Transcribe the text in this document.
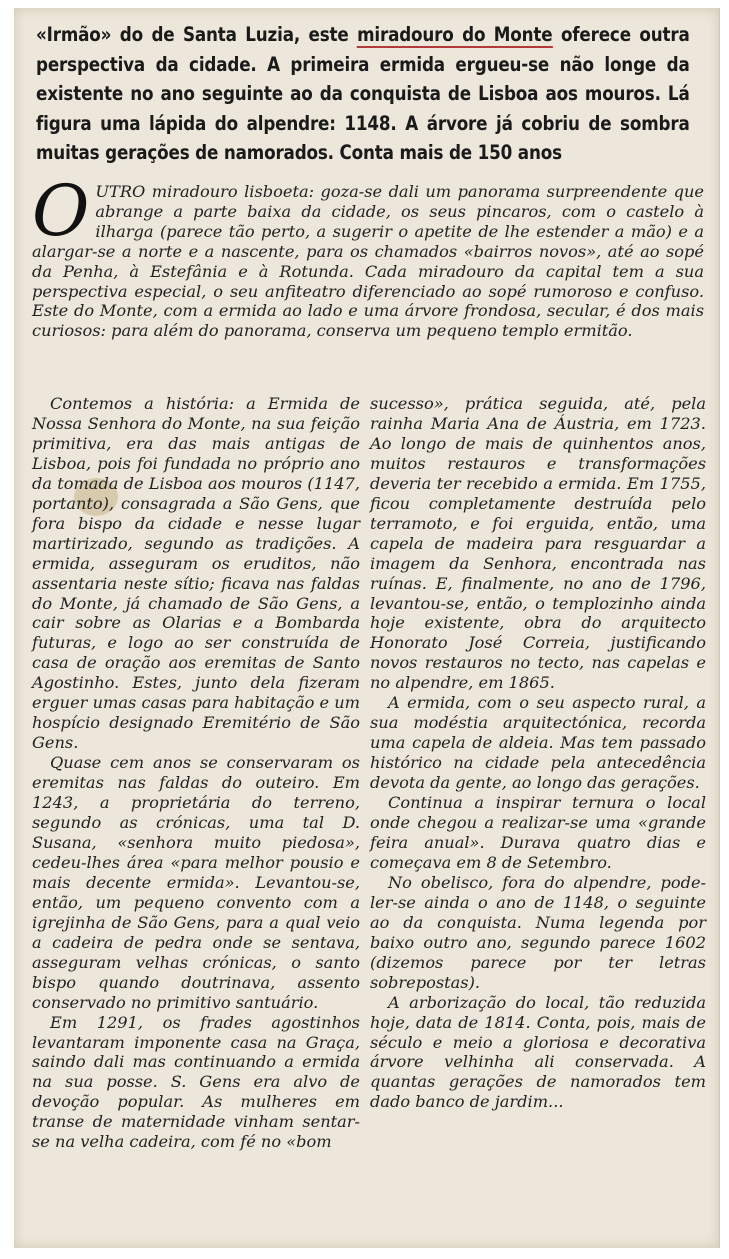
«Irmão» do de Santa Luzia, este miradouro do Monte oferece outra perspectiva da cidade. A primeira ermida ergueu-se não longe da existente no ano seguinte ao da conquista de Lisboa aos mouros. Lá figura uma lápida do alpendre: 1148. A árvore já cobriu de sombra muitas gerações de namorados. Conta mais de 150 anos
OUTRO miradouro lisboeta: goza-se dali um panorama surpreendente que abrange a parte baixa da cidade, os seus pincaros, com o castelo à ilharga (parece tão perto, a sugerir o apetite de lhe estender a mão) e a alargar-se a norte e a nascente, para os chamados «bairros novos», até ao sopé da Penha, à Estefânia e à Rotunda. Cada miradouro da capital tem a sua perspectiva especial, o seu anfiteatro diferenciado ao sopé rumoroso e confuso. Este do Monte, com a ermida ao lado e uma árvore frondosa, secular, é dos mais curiosos: para além do panorama, conserva um pequeno templo ermitão.

Contemos a história: a Ermida de Nossa Senhora do Monte, na sua feição primitiva, era das mais antigas de Lisboa, pois foi fundada no próprio ano da tomada de Lisboa aos mouros (1147, portanto), consagrada a São Gens, que fora bispo da cidade e nesse lugar martirizado, segundo as tradições. A ermida, asseguram os eruditos, não assentaria neste sítio; ficava nas faldas do Monte, já chamado de São Gens, a cair sobre as Olarias e a Bombarda futuras, e logo ao ser construída de casa de oração aos eremitas de Santo Agostinho. Estes, junto dela fizeram erguer umas casas para habitação e um hospício designado Eremitério de São Gens.

Quase cem anos se conservaram os eremitas nas faldas do outeiro. Em 1243, a proprietária do terreno, segundo as crónicas, uma tal D. Susana, «senhora muito piedosa», cedeu-lhes área «para melhor pousio e mais decente ermida». Levantou-se, então, um pequeno convento com a igrejinha de São Gens, para a qual veio a cadeira de pedra onde se sentava, asseguram velhas crónicas, o santo bispo quando doutrinava, assento conservado no primitivo santuário.

Em 1291, os frades agostinhos levantaram imponente casa na Graça, saindo dali mas continuando a ermida na sua posse. S. Gens era alvo de devoção popular. As mulheres em transe de maternidade vinham sentar-se na velha cadeira, com fé no «bom

sucesso», prática seguida, até, pela rainha Maria Ana de Áustria, em 1723. Ao longo de mais de quinhentos anos, muitos restauros e transformações deveria ter recebido a ermida. Em 1755, ficou completamente destruída pelo terramoto, e foi erguida, então, uma capela de madeira para resguardar a imagem da Senhora, encontrada nas ruínas. E, finalmente, no ano de 1796, levantou-se, então, o templozinho ainda hoje existente, obra do arquitecto Honorato José Correia, justificando novos restauros no tecto, nas capelas e no alpendre, em 1865.

A ermida, com o seu aspecto rural, a sua modéstia arquitectónica, recorda uma capela de aldeia. Mas tem passado histórico na cidade pela antecedência devota da gente, ao longo das gerações.

Continua a inspirar ternura o local onde chegou a realizar-se uma «grande feira anual». Durava quatro dias e começava em 8 de Setembro.

No obelisco, fora do alpendre, pode-ler-se ainda o ano de 1148, o seguinte ao da conquista. Numa legenda por baixo outro ano, segundo parece 1602 (dizemos parece por ter letras sobrepostas).

A arborização do local, tão reduzida hoje, data de 1814. Conta, pois, mais de século e meio a gloriosa e decorativa árvore velhinha ali conservada. A quantas gerações de namorados tem dado banco de jardim...
